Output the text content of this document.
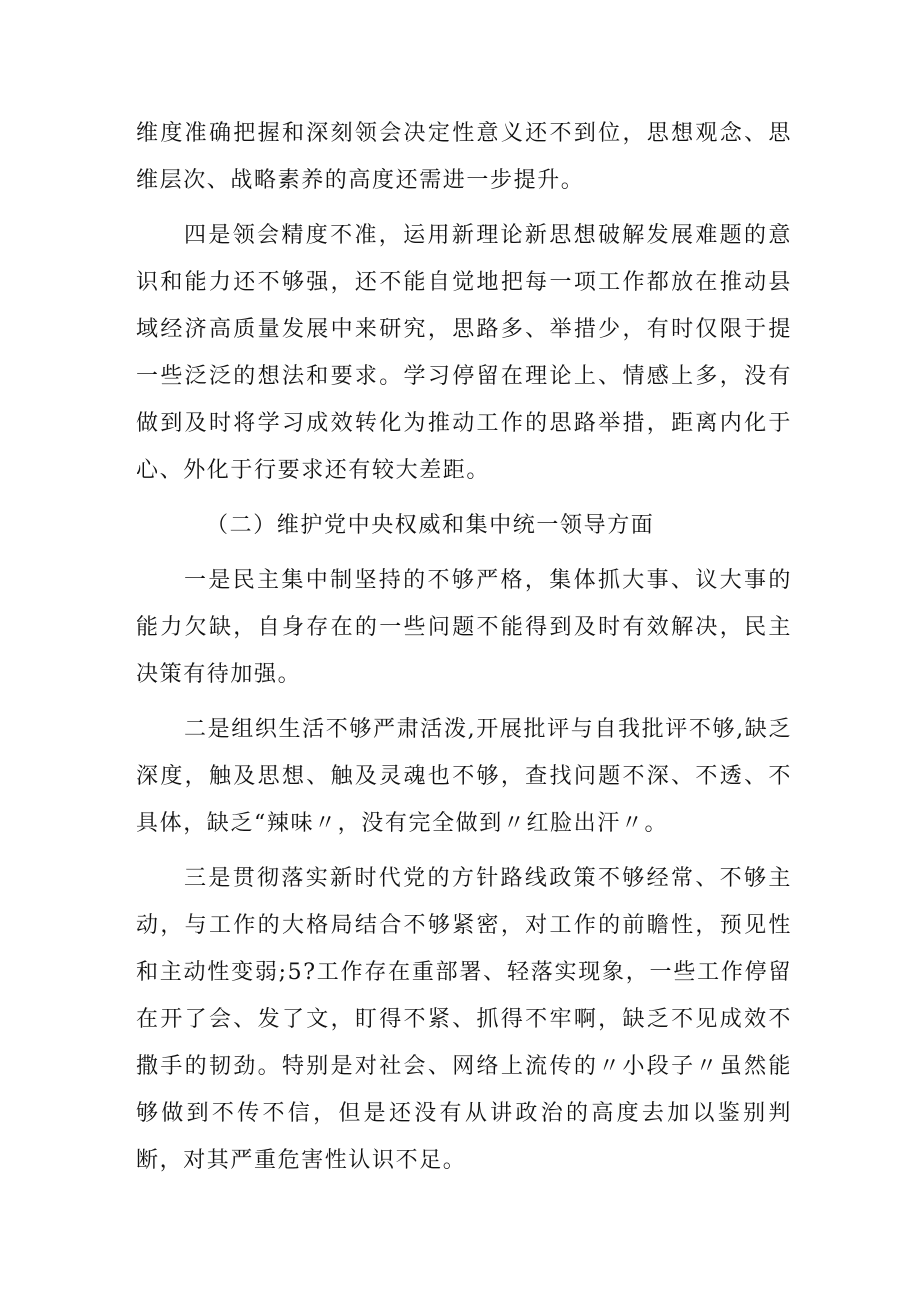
维度准确把握和深刻领会决定性意义还不到位，思想观念、思维层次、战略素养的高度还需进一步提升。

四是领会精度不准，运用新理论新思想破解发展难题的意识和能力还不够强，还不能自觉地把每一项工作都放在推动县域经济高质量发展中来研究，思路多、举措少，有时仅限于提一些泛泛的想法和要求。学习停留在理论上、情感上多，没有做到及时将学习成效转化为推动工作的思路举措，距离内化于心、外化于行要求还有较大差距。

（二）维护党中央权威和集中统一领导方面

一是民主集中制坚持的不够严格，集体抓大事、议大事的能力欠缺，自身存在的一些问题不能得到及时有效解决，民主决策有待加强。

二是组织生活不够严肃活泼,开展批评与自我批评不够,缺乏深度，触及思想、触及灵魂也不够，查找问题不深、不透、不具体，缺乏“辣味〃，没有完全做到〃红脸出汗〃。

三是贯彻落实新时代党的方针路线政策不够经常、不够主动，与工作的大格局结合不够紧密，对工作的前瞻性，预见性和主动性变弱;5?工作存在重部署、轻落实现象，一些工作停留在开了会、发了文，盯得不紧、抓得不牢啊，缺乏不见成效不撒手的韧劲。特别是对社会、网络上流传的〃小段子〃虽然能够做到不传不信，但是还没有从讲政治的高度去加以鉴别判断，对其严重危害性认识不足。
